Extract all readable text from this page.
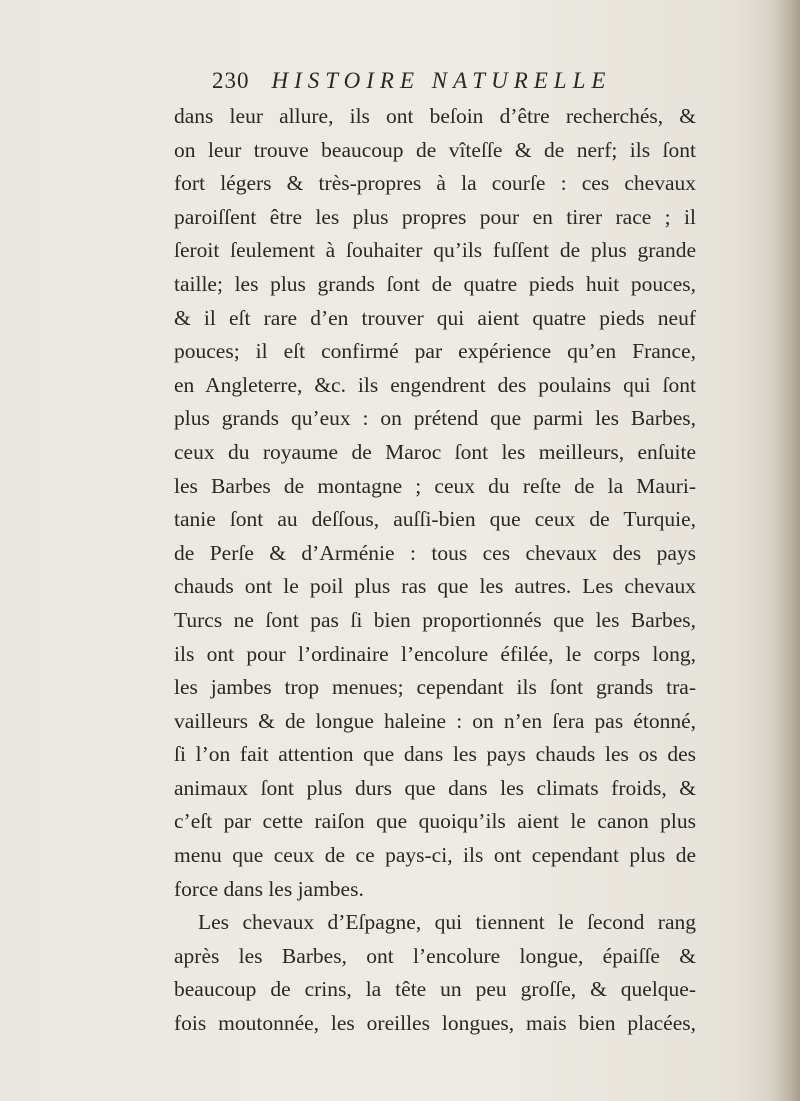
230 HISTOIRE NATURELLE
dans leur allure, ils ont beſoin d’être recherchés, &
on leur trouve beaucoup de vîteſſe & de nerf; ils ſont
fort légers & très-propres à la courſe : ces chevaux
paroiſſent être les plus propres pour en tirer race ; il
ſeroit ſeulement à ſouhaiter qu’ils fuſſent de plus grande
taille; les plus grands ſont de quatre pieds huit pouces,
& il eſt rare d’en trouver qui aient quatre pieds neuf
pouces; il eſt confirmé par expérience qu’en France,
en Angleterre, &c. ils engendrent des poulains qui ſont
plus grands qu’eux : on prétend que parmi les Barbes,
ceux du royaume de Maroc ſont les meilleurs, enſuite
les Barbes de montagne ; ceux du reſte de la Mauri-
tanie ſont au deſſous, auſſi-bien que ceux de Turquie,
de Perſe & d’Arménie : tous ces chevaux des pays
chauds ont le poil plus ras que les autres. Les chevaux
Turcs ne ſont pas ſi bien proportionnés que les Barbes,
ils ont pour l’ordinaire l’encolure éfilée, le corps long,
les jambes trop menues; cependant ils ſont grands tra-
vailleurs & de longue haleine : on n’en ſera pas étonné,
ſi l’on fait attention que dans les pays chauds les os des
animaux ſont plus durs que dans les climats froids, &
c’eſt par cette raiſon que quoiqu’ils aient le canon plus
menu que ceux de ce pays-ci, ils ont cependant plus de
force dans les jambes.
Les chevaux d’Eſpagne, qui tiennent le ſecond rang
après les Barbes, ont l’encolure longue, épaiſſe &
beaucoup de crins, la tête un peu groſſe, & quelque-
fois moutonnée, les oreilles longues, mais bien placées,
